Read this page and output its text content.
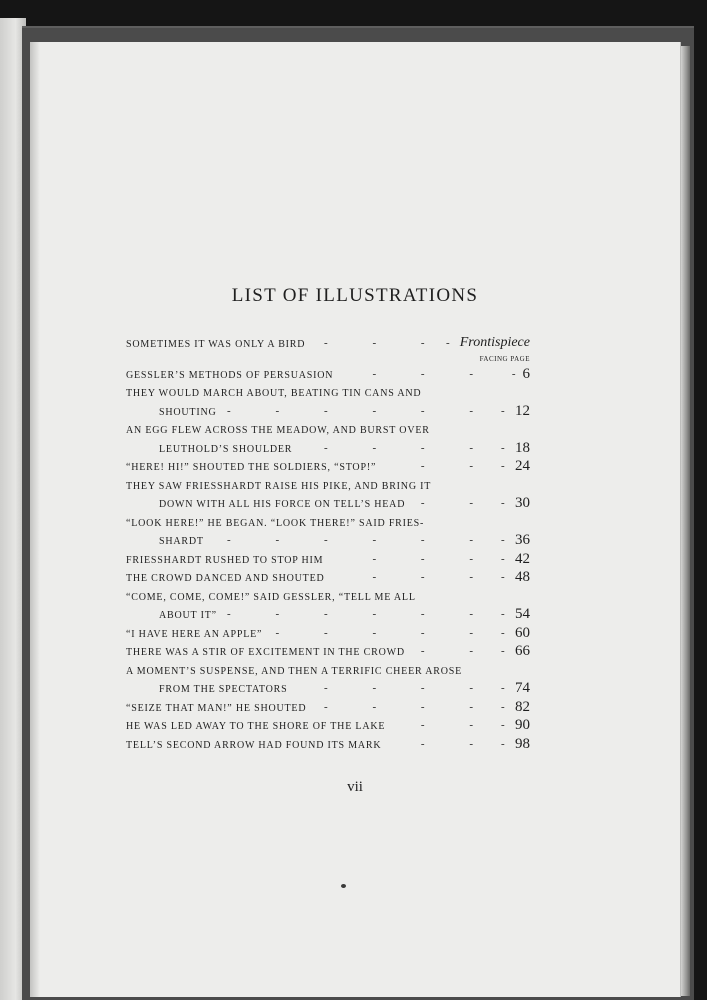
LIST OF ILLUSTRATIONS
SOMETIMES IT WAS ONLY A BIRD	Frontispiece
-	-	- -
FACING PAGE
GESSLER’S METHODS OF PERSUASION	6
-	-	-	-
THEY WOULD MARCH ABOUT, BEATING TIN CANS AND
SHOUTING	12
-	-	-	-	-	-	-
AN EGG FLEW ACROSS THE MEADOW, AND BURST OVER
LEUTHOLD’S SHOULDER	18
-	-	-	-	-
“HERE! HI!” SHOUTED THE SOLDIERS, “STOP!”	24
-	-	-
THEY SAW FRIESSHARDT RAISE HIS PIKE, AND BRING IT
DOWN WITH ALL HIS FORCE ON TELL’S HEAD	30
-	-	-
“LOOK HERE!” HE BEGAN. “LOOK THERE!” SAID FRIES-
SHARDT	36
-	-	-	-	-	-	-
FRIESSHARDT RUSHED TO STOP HIM	42
-	-	-	-
THE CROWD DANCED AND SHOUTED	48
-	-	-	-
“COME, COME, COME!” SAID GESSLER, “TELL ME ALL
ABOUT IT”	54
-	-	-	-	-	-	-
“I HAVE HERE AN APPLE”	60
-	-	-	-	-	-
THERE WAS A STIR OF EXCITEMENT IN THE CROWD	66
-	-	-
A MOMENT’S SUSPENSE, AND THEN A TERRIFIC CHEER AROSE
FROM THE SPECTATORS	74
-	-	-	-	-
“SEIZE THAT MAN!” HE SHOUTED	82
-	-	-	-	-
HE WAS LED AWAY TO THE SHORE OF THE LAKE	90
-	-	-
TELL’S SECOND ARROW HAD FOUND ITS MARK	98
-	-	-
vii
